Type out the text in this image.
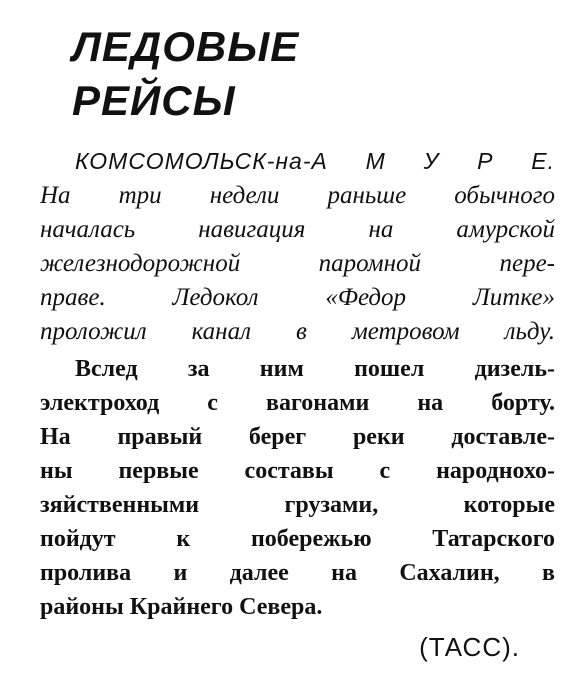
ЛЕДОВЫЕ
РЕЙСЫ
КОМСОМОЛЬСК-на-А М У Р Е.
На три недели раньше обычного
началась навигация на амурской
железнодорожной паромной пере-
праве. Ледокол «Федор Литке»
проложил канал в метровом льду.
Вслед за ним пошел дизель-
электроход с вагонами на борту.
На правый берег реки доставле-
ны первые составы с народнохо-
зяйственными грузами, которые
пойдут к побережью Татарского
пролива и далее на Сахалин, в
районы Крайнего Севера.
(ТАСС).
